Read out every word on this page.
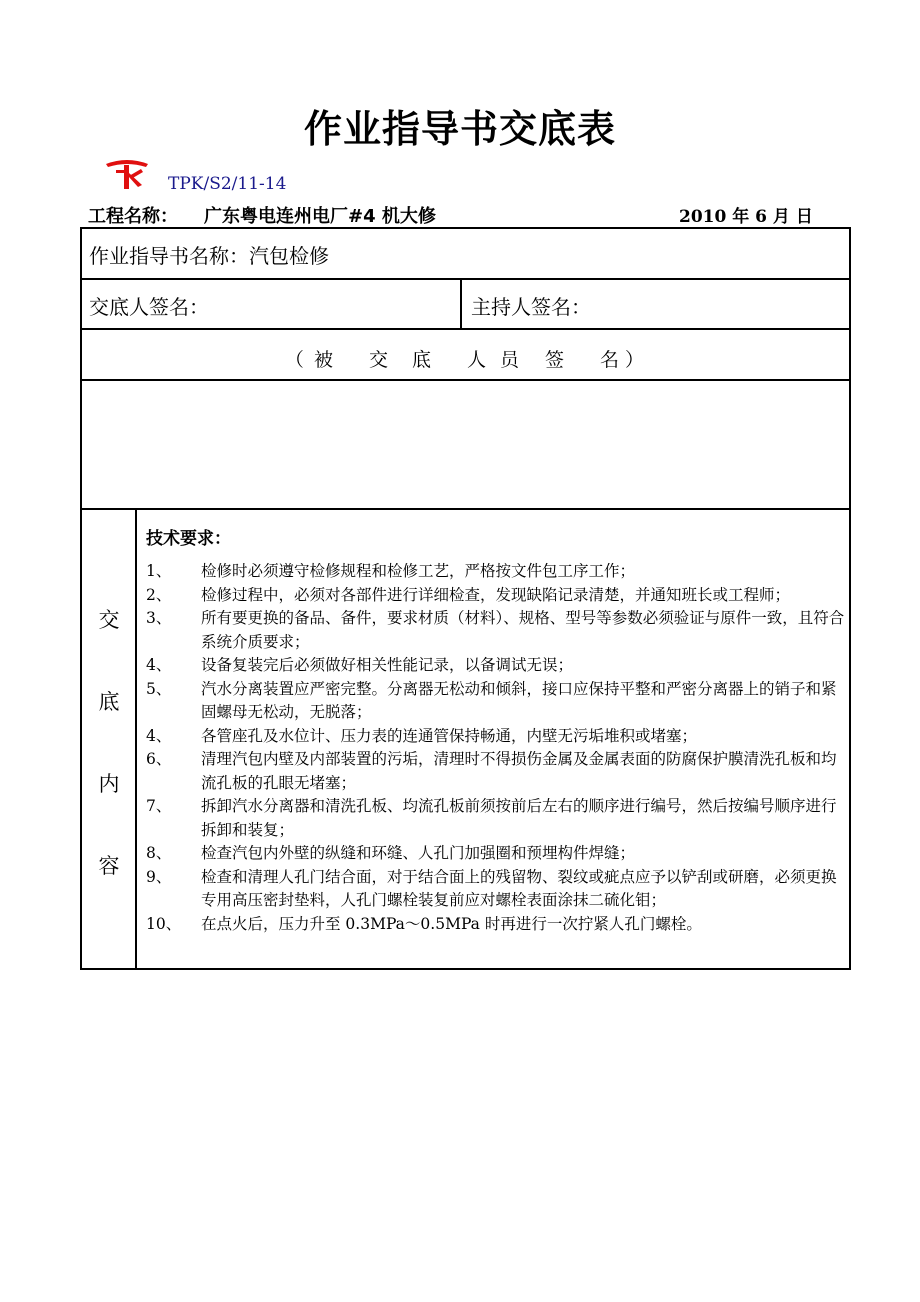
作业指导书交底表
TPK/S2/11-14
工程名称： 广东粤电连州电厂#4 机大修	2010 年 6 月 日
作业指导书名称：汽包检修
交底人签名：	主持人签名：
（ 被 交 底 人 员 签 名 ）
交
底
内
容
技术要求：
1、	检修时必须遵守检修规程和检修工艺，严格按文件包工序工作；
2、	检修过程中，必须对各部件进行详细检查，发现缺陷记录清楚，并通知班长或工程师；
3、	所有要更换的备品、备件，要求材质（材料）、规格、型号等参数必须验证与原件一致，且符合系统介质要求；
4、	设备复装完后必须做好相关性能记录，以备调试无误；
5、	汽水分离装置应严密完整。分离器无松动和倾斜，接口应保持平整和严密分离器上的销子和紧固螺母无松动，无脱落；
4、	各管座孔及水位计、压力表的连通管保持畅通，内壁无污垢堆积或堵塞；
6、	清理汽包内壁及内部装置的污垢，清理时不得损伤金属及金属表面的防腐保护膜清洗孔板和均流孔板的孔眼无堵塞；
7、	拆卸汽水分离器和清洗孔板、均流孔板前须按前后左右的顺序进行编号，然后按编号顺序进行拆卸和装复；
8、	检查汽包内外壁的纵缝和环缝、人孔门加强圈和预埋构件焊缝；
9、	检查和清理人孔门结合面，对于结合面上的残留物、裂纹或疵点应予以铲刮或研磨，必须更换专用高压密封垫料，人孔门螺栓装复前应对螺栓表面涂抹二硫化钼；
10、	在点火后，压力升至 0.3MPa～0.5MPa 时再进行一次拧紧人孔门螺栓。
